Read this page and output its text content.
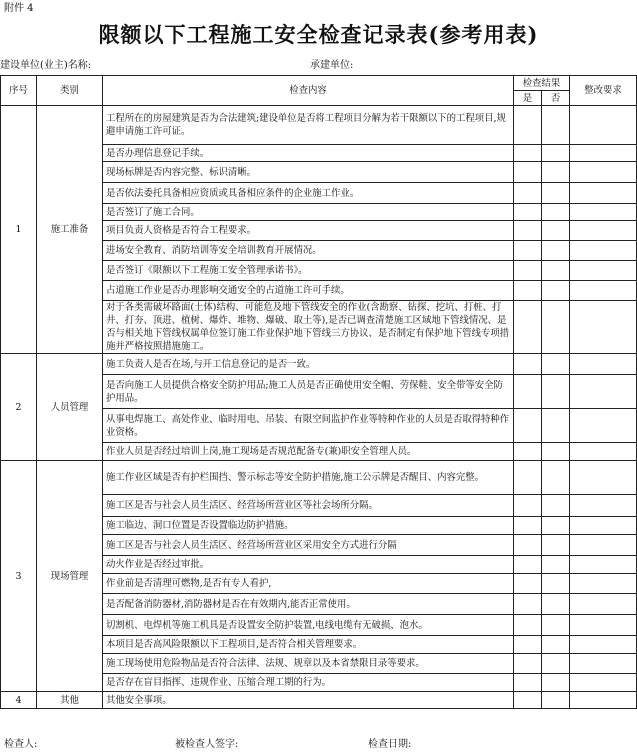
附件 4
限额以下工程施工安全检查记录表(参考用表)
建设单位(业主)名称:	承建单位:
序号	类别	检查内容	检查结果		整改要求
			是	否	
1	施工准备	工程所在的房屋建筑是否为合法建筑;建设单位是否将工程项目分解为若干限额以下的工程项目,规避申请施工许可证。			
		是否办理信息登记手续。			
		现场标牌是否内容完整、标识清晰。			
		是否依法委托具备相应资质或具备相应条件的企业施工作业。			
		是否签订了施工合同。			
		项目负责人资格是否符合工程要求。			
		进场安全教育、消防培训等安全培训教育开展情况。			
		是否签订《限额以下工程施工安全管理承诺书》。			
		占道施工作业是否办理影响交通安全的占道施工许可手续。			
		对于各类需破坏路面(土体)结构、可能危及地下管线安全的作业(含勘察、钻探、挖坑、打桩、打井、打夯、顶进、植树、爆炸、堆物、爆破、取土等),是否已调查清楚施工区域地下管线情况、是否与相关地下管线权属单位签订施工作业保护地下管线三方协议、是否制定有保护地下管线专项措施并严格按照措施施工。			
2	人员管理	施工负责人是否在场,与开工信息登记的是否一致。			
		是否向施工人员提供合格安全防护用品;施工人员是否正确使用安全帽、劳保鞋、安全带等安全防护用品。			
		从事电焊施工、高处作业、临时用电、吊装、有限空间监护作业等特种作业的人员是否取得特种作业资格。			
		作业人员是否经过培训上岗,施工现场是否规范配备专(兼)职安全管理人员。			
3	现场管理	施工作业区域是否有护栏围挡、警示标志等安全防护措施,施工公示牌是否醒目、内容完整。			
		施工区是否与社会人员生活区、经营场所营业区等社会场所分隔。			
		施工临边、洞口位置是否设置临边防护措施。			
		施工区是否与社会人员生活区、经营场所营业区采用安全方式进行分隔			
		动火作业是否经过审批。			
		作业前是否清理可燃物,是否有专人看护,			
		是否配备消防器材,消防器材是否在有效期内,能否正常使用。			
		切割机、电焊机等施工机具是否设置安全防护装置,电线电缆有无破损、泡水。			
		本项目是否高风险限额以下工程项目,是否符合相关管理要求。			
		施工现场使用危险物品是否符合法律、法规、规章以及本省禁限目录等要求。			
		是否存在盲目指挥、违规作业、压缩合理工期的行为。			
4	其他	其他安全事项。			
检查人:	被检查人签字:	检查日期:
